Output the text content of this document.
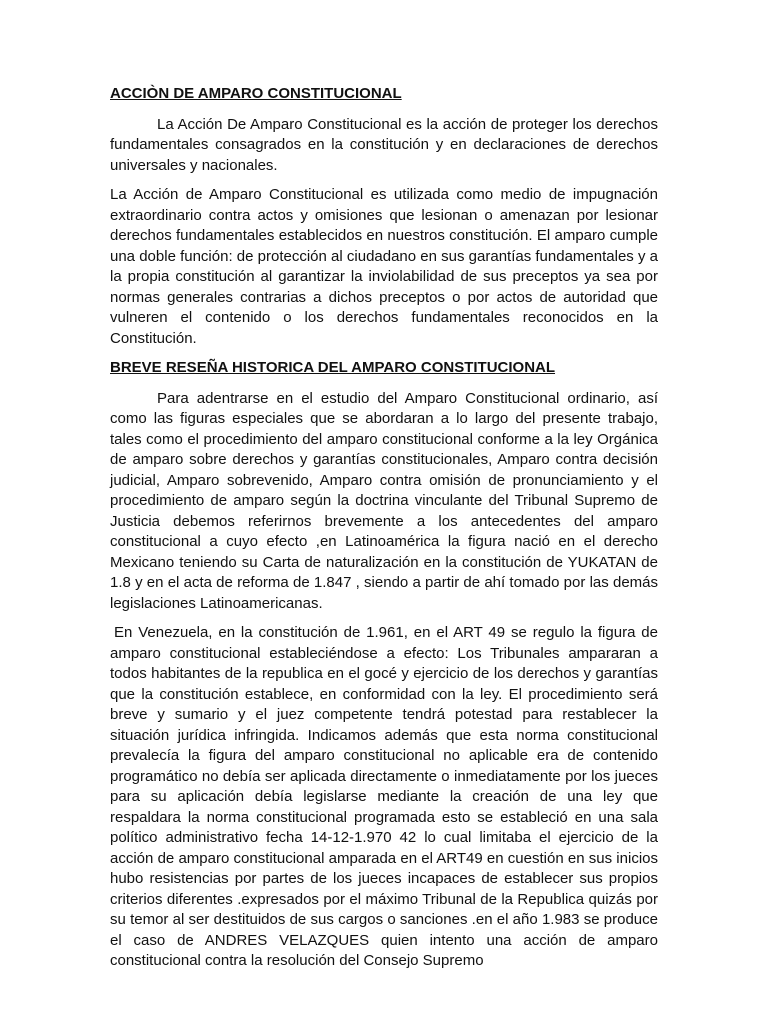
ACCIÒN DE AMPARO CONSTITUCIONAL

La Acción De Amparo Constitucional es la acción de proteger los derechos fundamentales consagrados en la constitución y en declaraciones de derechos universales y nacionales.

La Acción de Amparo Constitucional es utilizada como medio de impugnación extraordinario contra actos y omisiones que lesionan o amenazan por lesionar derechos fundamentales establecidos en nuestros constitución. El amparo cumple una doble función: de protección al ciudadano en sus garantías fundamentales y a la propia constitución al garantizar la inviolabilidad de sus preceptos ya sea por normas generales contrarias a dichos preceptos o por actos de autoridad que vulneren el contenido o los derechos fundamentales reconocidos en la Constitución.

BREVE RESEÑA HISTORICA DEL AMPARO CONSTITUCIONAL

Para adentrarse en el estudio del Amparo Constitucional ordinario, así como las figuras especiales que se abordaran a lo largo del presente trabajo, tales como el procedimiento del amparo constitucional conforme a la ley Orgánica de amparo sobre derechos y garantías constitucionales, Amparo contra decisión judicial, Amparo sobrevenido, Amparo contra omisión de pronunciamiento y el procedimiento de amparo según la doctrina vinculante del Tribunal Supremo de Justicia debemos referirnos brevemente a los antecedentes del amparo constitucional a cuyo efecto ,en Latinoamérica la figura nació en el derecho Mexicano teniendo su Carta de naturalización en la constitución de YUKATAN de 1.8 y en el acta de reforma de 1.847 , siendo a partir de ahí tomado por las demás legislaciones Latinoamericanas.

En Venezuela, en la constitución de 1.961, en el ART 49 se regulo la figura de amparo constitucional estableciéndose a efecto: Los Tribunales ampararan a todos habitantes de la republica en el gocé y ejercicio de los derechos y garantías que la constitución establece, en conformidad con la ley. El procedimiento será breve y sumario y el juez competente tendrá potestad para restablecer la situación jurídica infringida. Indicamos además que esta norma constitucional prevalecía la figura del amparo constitucional no aplicable era de contenido programático no debía ser aplicada directamente o inmediatamente por los jueces para su aplicación debía legislarse mediante la creación de una ley que respaldara la norma constitucional programada esto se estableció en una sala político administrativo fecha 14-12-1.970 42 lo cual limitaba el ejercicio de la acción de amparo constitucional amparada en el ART49 en cuestión en sus inicios hubo resistencias por partes de los jueces incapaces de establecer sus propios criterios diferentes .expresados por el máximo Tribunal de la Republica quizás por su temor al ser destituidos de sus cargos o sanciones .en el año 1.983 se produce el caso de ANDRES VELAZQUES quien intento una acción de amparo constitucional contra la resolución del Consejo Supremo
